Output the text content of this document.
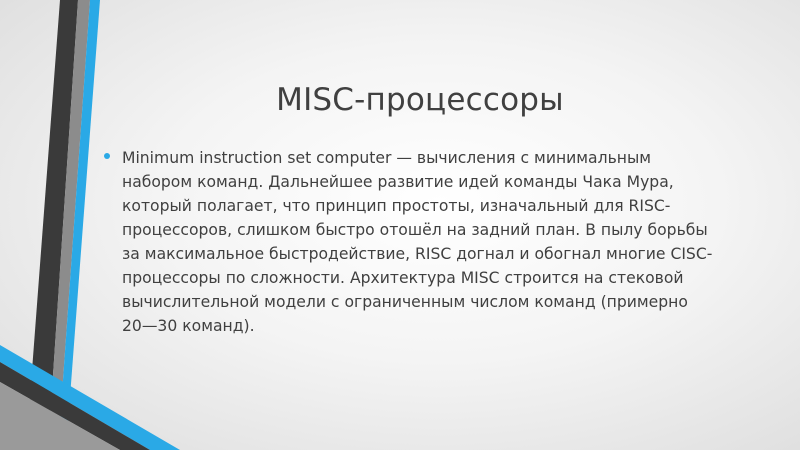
MISC-процессоры

Minimum instruction set computer — вычисления с минимальным
набором команд. Дальнейшее развитие идей команды Чака Мура,
который полагает, что принцип простоты, изначальный для RISC-
процессоров, слишком быстро отошёл на задний план. В пылу борьбы
за максимальное быстродействие, RISC догнал и обогнал многие CISC-
процессоры по сложности. Архитектура MISC строится на стековой
вычислительной модели с ограниченным числом команд (примерно
20—30 команд).
